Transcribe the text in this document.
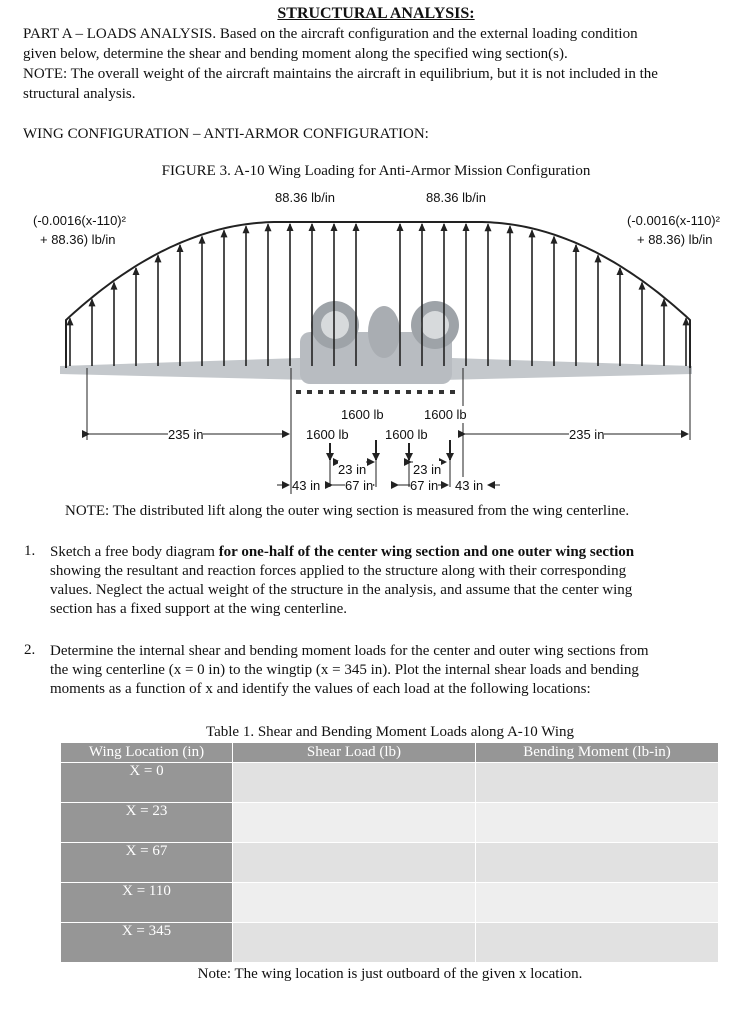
STRUCTURAL ANALYSIS:
PART A – LOADS ANALYSIS. Based on the aircraft configuration and the external loading condition
given below, determine the shear and bending moment along the specified wing section(s).
NOTE: The overall weight of the aircraft maintains the aircraft in equilibrium, but it is not included in the
structural analysis.
WING CONFIGURATION – ANTI-ARMOR CONFIGURATION:
FIGURE 3. A-10 Wing Loading for Anti-Armor Mission Configuration
88.36 lb/in	88.36 lb/in
(-0.0016(x-110)²
+ 88.36) lb/in
(-0.0016(x-110)²
+ 88.36) lb/in
235 in	235 in
1600 lb	1600 lb
1600 lb	1600 lb
23 in	23 in
43 in 67 in	67 in 43 in
NOTE: The distributed lift along the outer wing section is measured from the wing centerline.
1. Sketch a free body diagram for one-half of the center wing section and one outer wing section
showing the resultant and reaction forces applied to the structure along with their corresponding
values. Neglect the actual weight of the structure in the analysis, and assume that the center wing
section has a fixed support at the wing centerline.
2. Determine the internal shear and bending moment loads for the center and outer wing sections from
the wing centerline (x = 0 in) to the wingtip (x = 345 in). Plot the internal shear loads and bending
moments as a function of x and identify the values of each load at the following locations:
Table 1. Shear and Bending Moment Loads along A-10 Wing
Wing Location (in)	Shear Load (lb)	Bending Moment (lb-in)
X = 0		
X = 23		
X = 67		
X = 110		
X = 345		
Note: The wing location is just outboard of the given x location.
